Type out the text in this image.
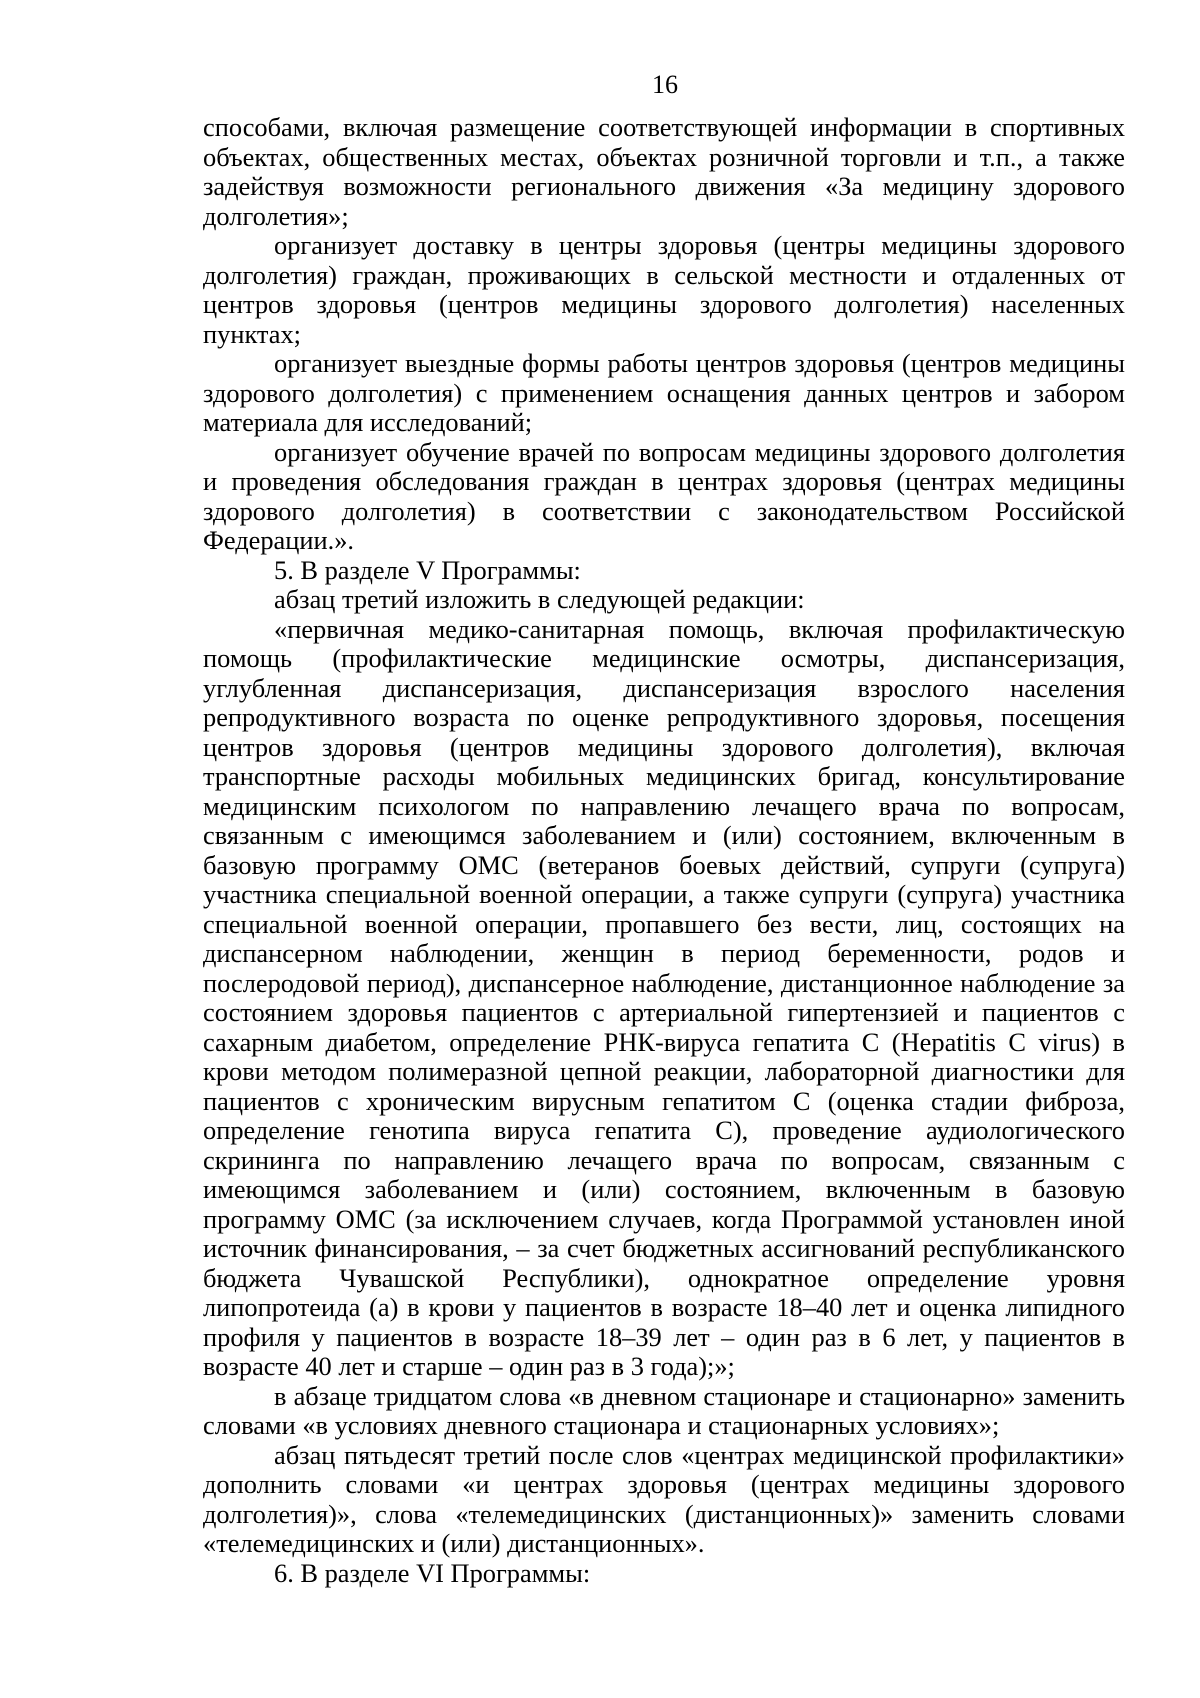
16

способами, включая размещение соответствующей информации в спортивных объектах, общественных местах, объектах розничной торговли и т.п., а также задействуя возможности регионального движения «За медицину здорового долголетия»;

организует доставку в центры здоровья (центры медицины здорового долголетия) граждан, проживающих в сельской местности и отдаленных от центров здоровья (центров медицины здорового долголетия) населенных пунктах;

организует выездные формы работы центров здоровья (центров медицины здорового долголетия) с применением оснащения данных центров и забором материала для исследований;

организует обучение врачей по вопросам медицины здорового долголетия и проведения обследования граждан в центрах здоровья (центрах медицины здорового долголетия) в соответствии с законодательством Российской Федерации.».

5. В разделе V Программы:

абзац третий изложить в следующей редакции:

«первичная медико-санитарная помощь, включая профилактическую помощь (профилактические медицинские осмотры, диспансеризация, углубленная диспансеризация, диспансеризация взрослого населения репродуктивного возраста по оценке репродуктивного здоровья, посещения центров здоровья (центров медицины здорового долголетия), включая транспортные расходы мобильных медицинских бригад, консультирование медицинским психологом по направлению лечащего врача по вопросам, связанным с имеющимся заболеванием и (или) состоянием, включенным в базовую программу ОМС (ветеранов боевых действий, супруги (супруга) участника специальной военной операции, а также супруги (супруга) участника специальной военной операции, пропавшего без вести, лиц, состоящих на диспансерном наблюдении, женщин в период беременности, родов и послеродовой период), диспансерное наблюдение, дистанционное наблюдение за состоянием здоровья пациентов с артериальной гипертензией и пациентов с сахарным диабетом, определение РНК-вируса гепатита C (Hepatitis C virus) в крови методом полимеразной цепной реакции, лабораторной диагностики для пациентов с хроническим вирусным гепатитом C (оценка стадии фиброза, определение генотипа вируса гепатита C), проведение аудиологического скрининга по направлению лечащего врача по вопросам, связанным с имеющимся заболеванием и (или) состоянием, включенным в базовую программу ОМС (за исключением случаев, когда Программой установлен иной источник финансирования, – за счет бюджетных ассигнований республиканского бюджета Чувашской Республики), однократное определение уровня липопротеида (а) в крови у пациентов в возрасте 18–40 лет и оценка липидного профиля у пациентов в возрасте 18–39 лет – один раз в 6 лет, у пациентов в возрасте 40 лет и старше – один раз в 3 года);»;

в абзаце тридцатом слова «в дневном стационаре и стационарно» заменить словами «в условиях дневного стационара и стационарных условиях»;

абзац пятьдесят третий после слов «центрах медицинской профилактики» дополнить словами «и центрах здоровья (центрах медицины здорового долголетия)», слова «телемедицинских (дистанционных)» заменить словами «телемедицинских и (или) дистанционных».

6. В разделе VI Программы:
